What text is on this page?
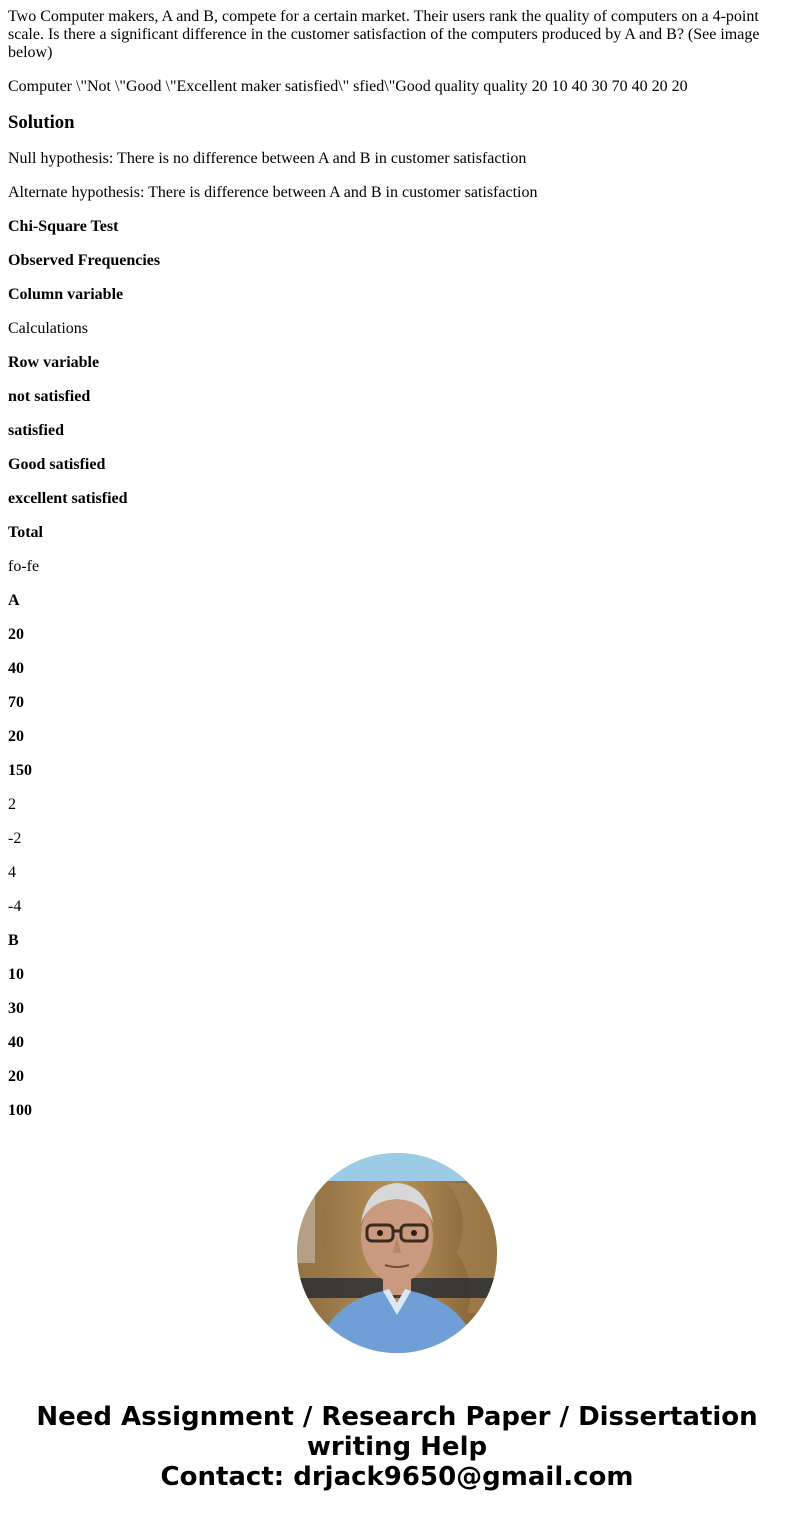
Two Computer makers, A and B, compete for a certain market. Their users rank the quality of computers on a 4-point scale. Is there a significant difference in the customer satisfaction of the computers produced by A and B? (See image below)

Computer \"Not \"Good \"Excellent maker satisfied\" sfied\"Good quality quality 20 10 40 30 70 40 20 20

Solution

Null hypothesis: There is no difference between A and B in customer satisfaction

Alternate hypothesis: There is difference between A and B in customer satisfaction

Chi-Square Test

Observed Frequencies

Column variable

Calculations

Row variable

not satisfied

satisfied

Good satisfied

excellent satisfied

Total

fo-fe

A

20

40

70

20

150

2

-2

4

-4

B

10

30

40

20

100

Need Assignment / Research Paper / Dissertation
writing Help
Contact: drjack9650@gmail.com
